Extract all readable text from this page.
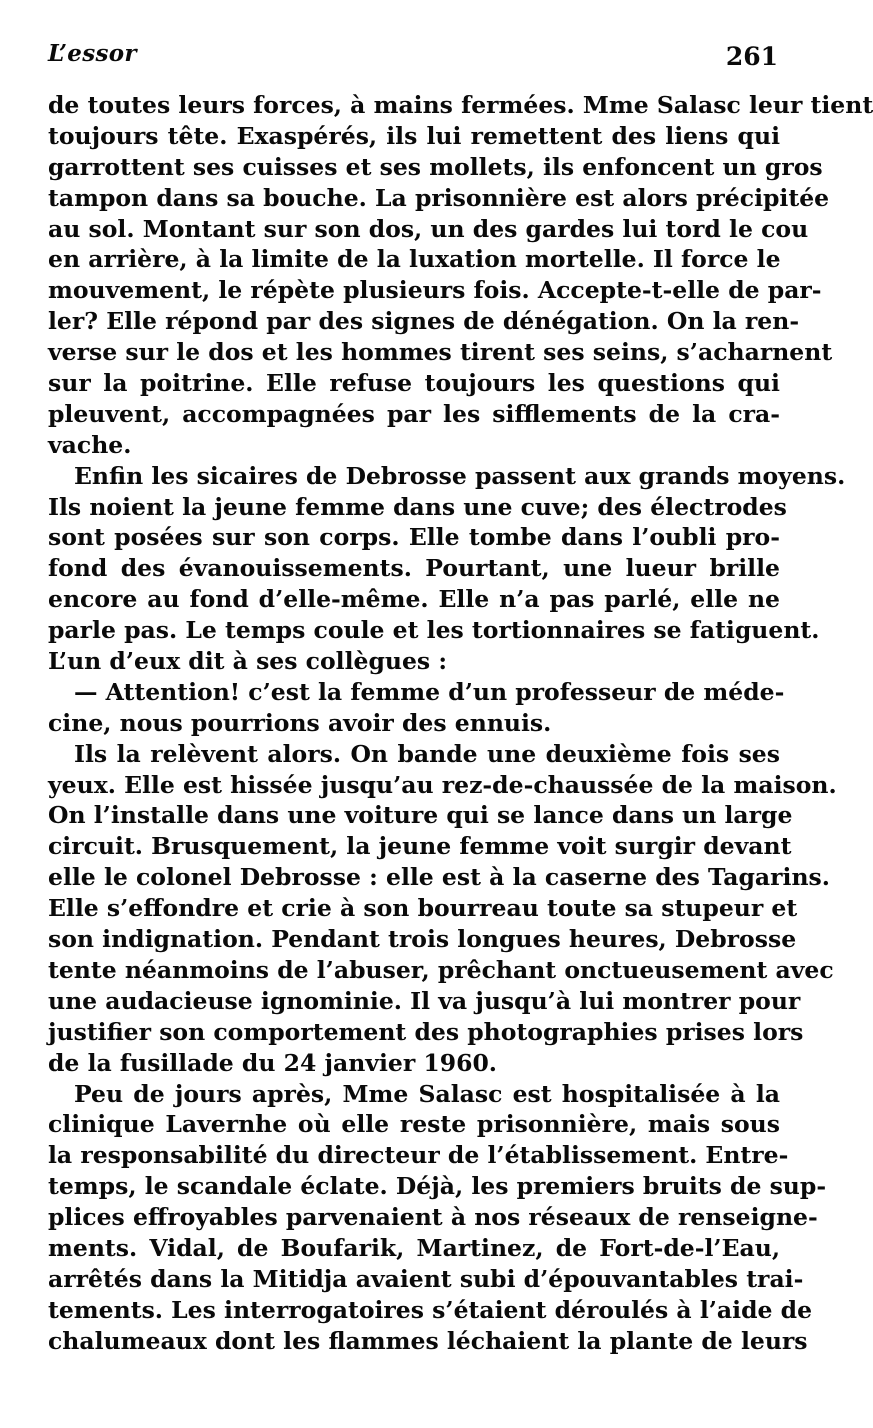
L’essor	261
de toutes leurs forces, à mains fermées. Mme Salasc leur tient
toujours tête. Exaspérés, ils lui remettent des liens qui
garrottent ses cuisses et ses mollets, ils enfoncent un gros
tampon dans sa bouche. La prisonnière est alors précipitée
au sol. Montant sur son dos, un des gardes lui tord le cou
en arrière, à la limite de la luxation mortelle. Il force le
mouvement, le répète plusieurs fois. Accepte-t-elle de par-
ler? Elle répond par des signes de dénégation. On la ren-
verse sur le dos et les hommes tirent ses seins, s’acharnent
sur la poitrine. Elle refuse toujours les questions qui
pleuvent, accompagnées par les sifflements de la cra-
vache.
Enfin les sicaires de Debrosse passent aux grands moyens.
Ils noient la jeune femme dans une cuve; des électrodes
sont posées sur son corps. Elle tombe dans l’oubli pro-
fond des évanouissements. Pourtant, une lueur brille
encore au fond d’elle-même. Elle n’a pas parlé, elle ne
parle pas. Le temps coule et les tortionnaires se fatiguent.
L’un d’eux dit à ses collègues :
— Attention! c’est la femme d’un professeur de méde-
cine, nous pourrions avoir des ennuis.
Ils la relèvent alors. On bande une deuxième fois ses
yeux. Elle est hissée jusqu’au rez-de-chaussée de la maison.
On l’installe dans une voiture qui se lance dans un large
circuit. Brusquement, la jeune femme voit surgir devant
elle le colonel Debrosse : elle est à la caserne des Tagarins.
Elle s’effondre et crie à son bourreau toute sa stupeur et
son indignation. Pendant trois longues heures, Debrosse
tente néanmoins de l’abuser, prêchant onctueusement avec
une audacieuse ignominie. Il va jusqu’à lui montrer pour
justifier son comportement des photographies prises lors
de la fusillade du 24 janvier 1960.
Peu de jours après, Mme Salasc est hospitalisée à la
clinique Lavernhe où elle reste prisonnière, mais sous
la responsabilité du directeur de l’établissement. Entre-
temps, le scandale éclate. Déjà, les premiers bruits de sup-
plices effroyables parvenaient à nos réseaux de renseigne-
ments. Vidal, de Boufarik, Martinez, de Fort-de-l’Eau,
arrêtés dans la Mitidja avaient subi d’épouvantables trai-
tements. Les interrogatoires s’étaient déroulés à l’aide de
chalumeaux dont les flammes léchaient la plante de leurs
